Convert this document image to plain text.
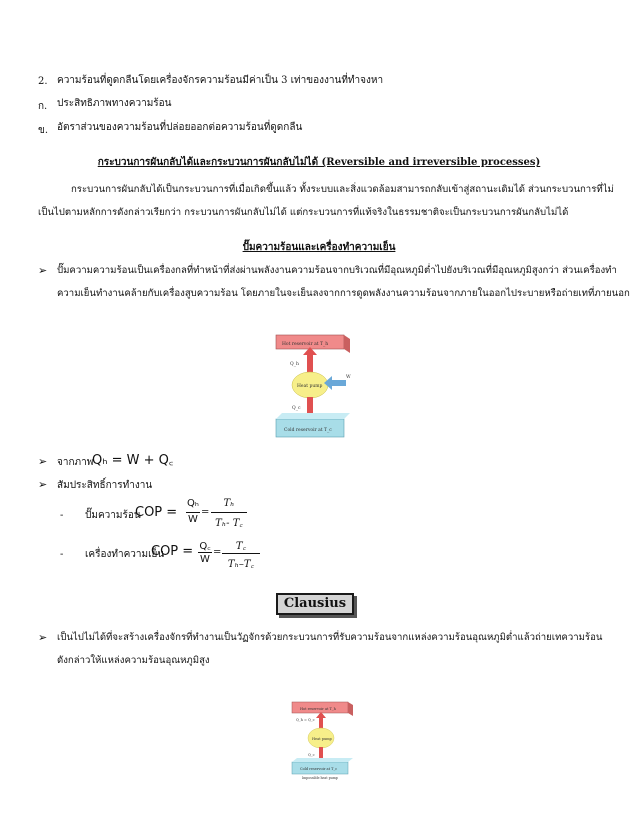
2. ความร้อนที่ดูดกลืนโดยเครื่องจักรความร้อนมีค่าเป็น 3 เท่าของงานที่ทำจงหา
ก. ประสิทธิภาพทางความร้อน
ข. อัตราส่วนของความร้อนที่ปล่อยออกต่อความร้อนที่ดูดกลืน
กระบวนการผันกลับได้และกระบวนการผันกลับไม่ได้ (Reversible and irreversible processes)
กระบวนการผันกลับได้เป็นกระบวนการที่เมื่อเกิดขึ้นแล้ว ทั้งระบบและสิ่งแวดล้อมสามารถกลับเข้าสู่สถานะเดิมได้ ส่วนกระบวนการที่ไม่
เป็นไปตามหลักการดังกล่าวเรียกว่า กระบวนการผันกลับไม่ได้ แต่กระบวนการที่แท้จริงในธรรมชาติจะเป็นกระบวนการผันกลับไม่ได้
ปั๊มความร้อนและเครื่องทำความเย็น
➢ ปั๊มความความร้อนเป็นเครื่องกลที่ทำหน้าที่ส่งผ่านพลังงานความร้อนจากบริเวณที่มีอุณหภูมิต่ำไปยังบริเวณที่มีอุณหภูมิสูงกว่า ส่วนเครื่องทำ
ความเย็นทำงานคล้ายกับเครื่องสูบความร้อน โดยภายในจะเย็นลงจากการดูดพลังงานความร้อนจากภายในออกไประบายหรือถ่ายเทที่ภายนอก
Hot reservoir at T_h
Q_h
Heat pump
W
Q_c
Cold reservoir at T_c
➢ จากภาพ
Qₕ = W + Q꜀
➢ สัมประสิทธิ์การทำงาน
- ปั๊มความร้อน
COP =
Qₕ
W
=
Tₕ
Tₕ- T꜀
- เครื่องทำความเย็น
COP = Q꜀
W
=
T꜀
Tₕ–T꜀
Clausius
➢ เป็นไปไม่ได้ที่จะสร้างเครื่องจักรที่ทำงานเป็นวัฏจักรด้วยกระบวนการที่รับความร้อนจากแหล่งความร้อนอุณหภูมิต่ำแล้วถ่ายเทความร้อน
ดังกล่าวให้แหล่งความร้อนอุณหภูมิสูง
Hot reservoir at T_h
Q_h = Q_c
Heat pump
Q_c
Cold reservoir at T_c
Impossible heat pump
